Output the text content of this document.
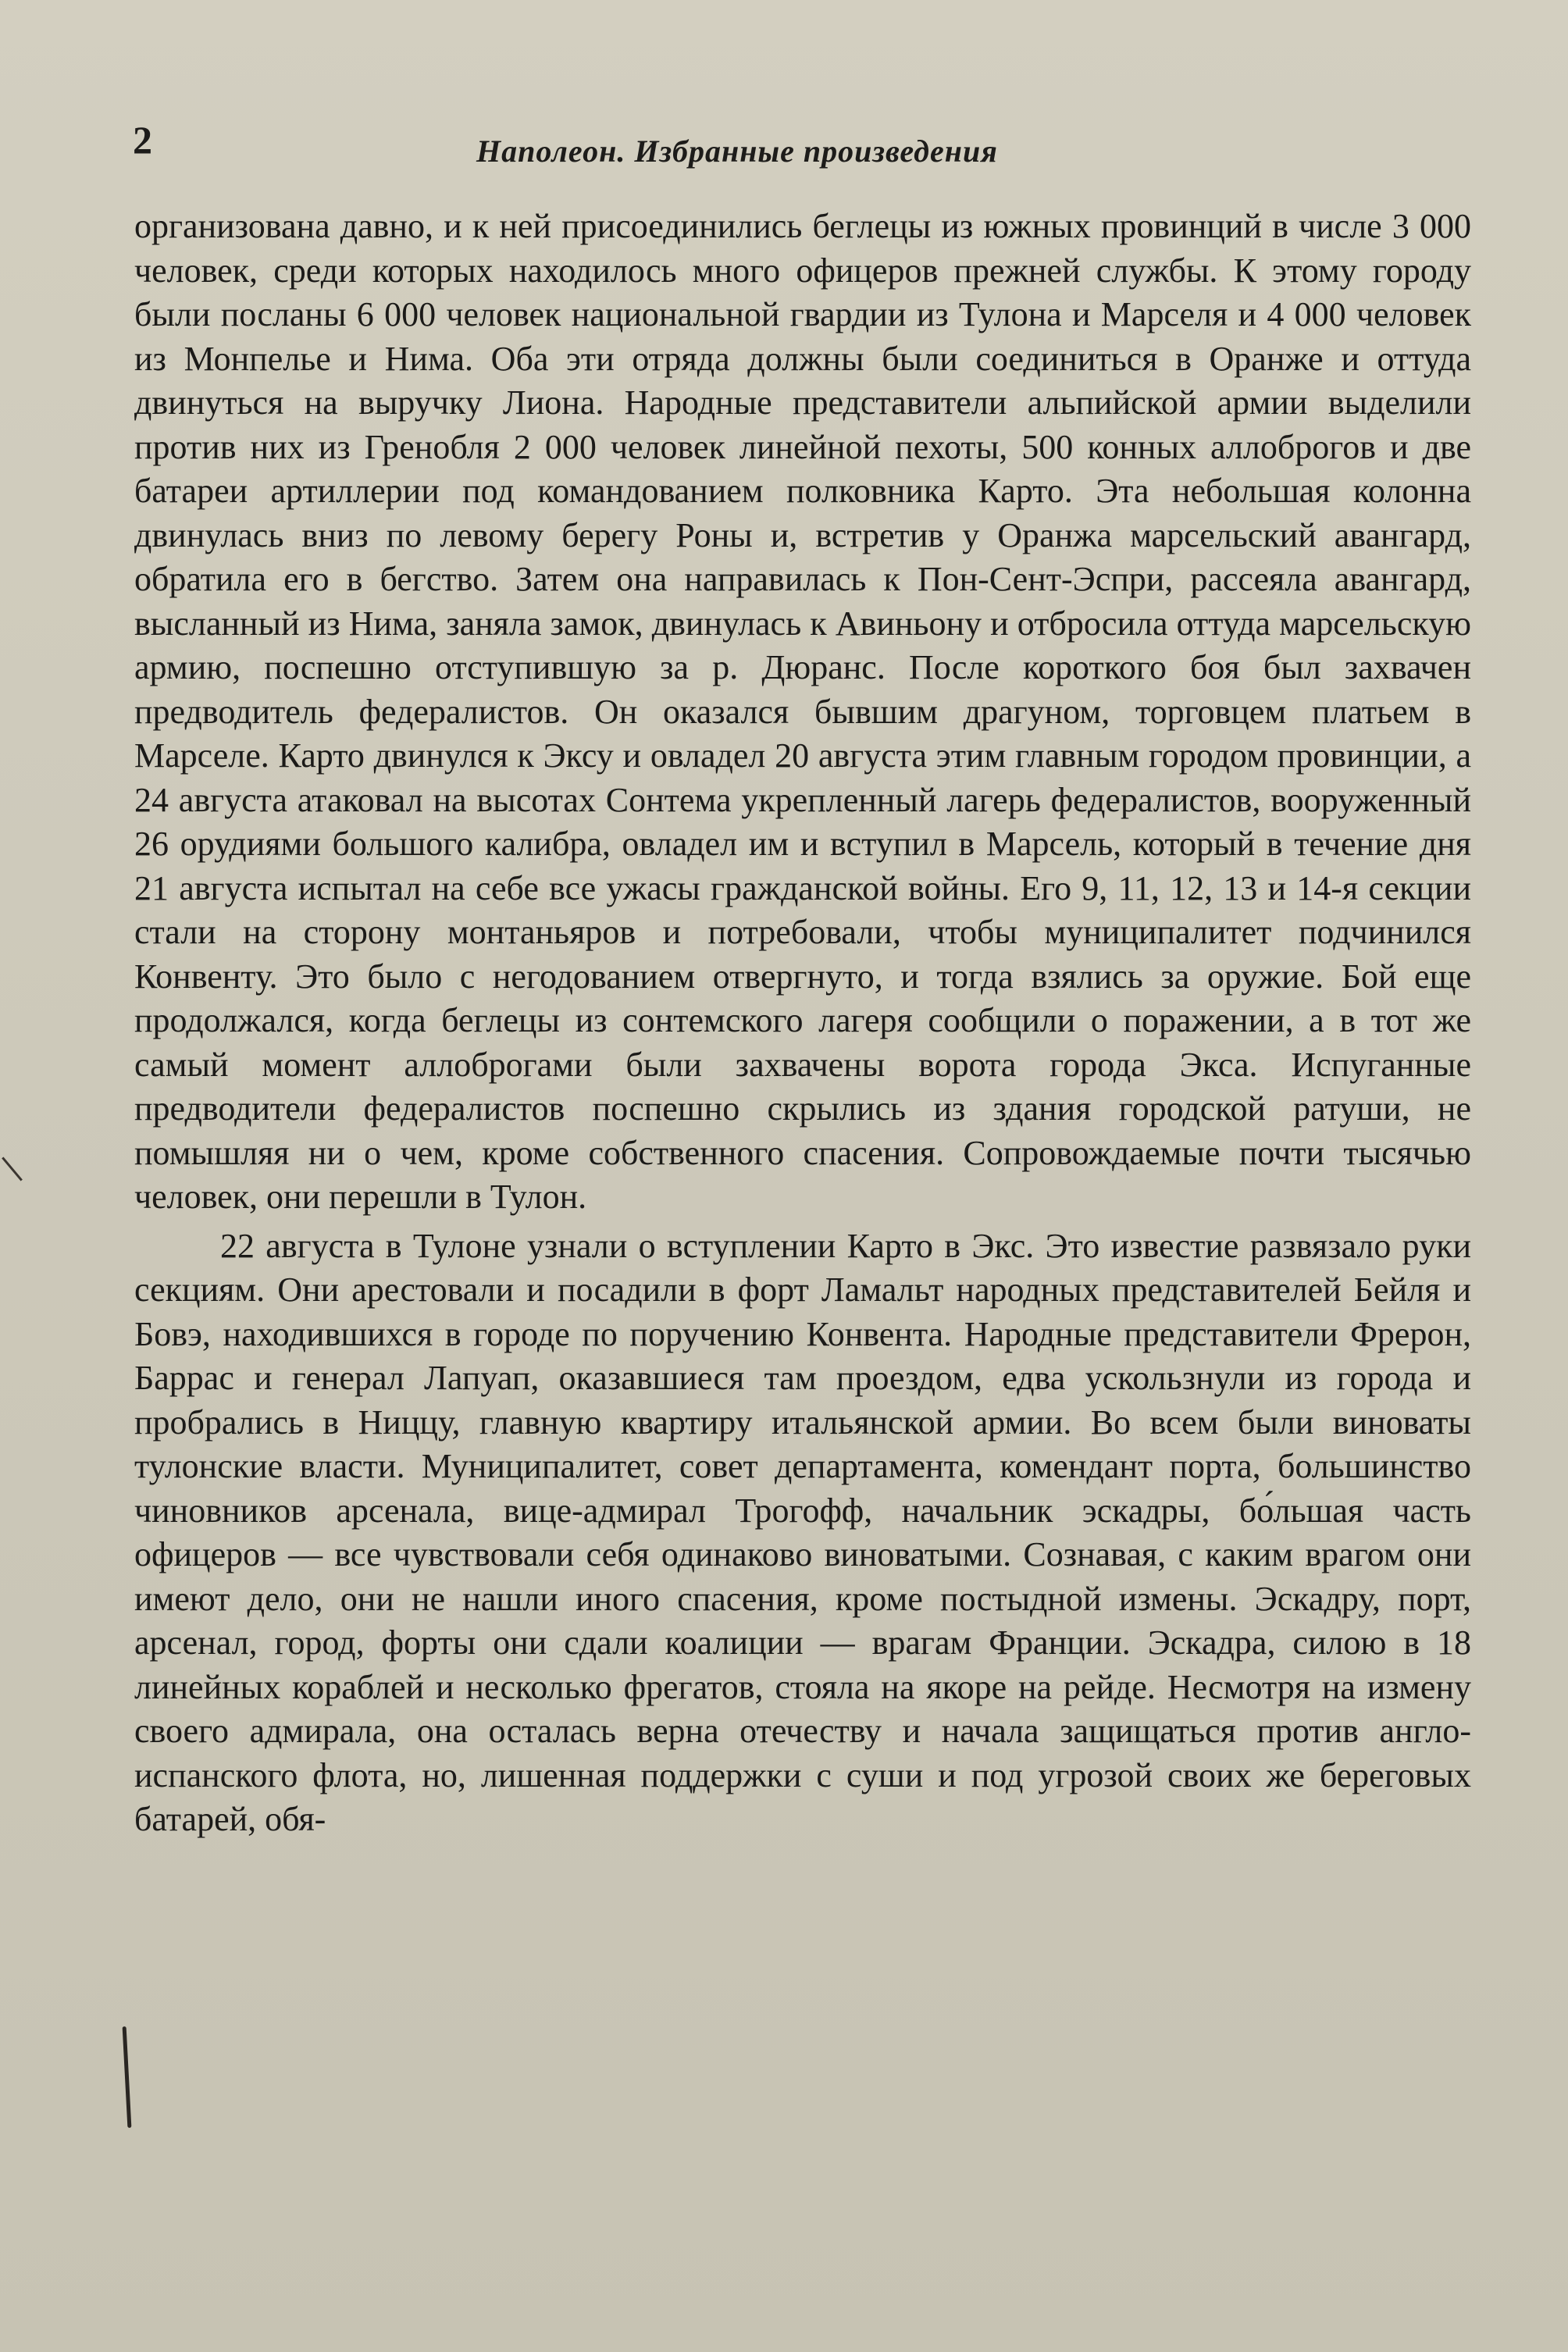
2	Наполеон. Избранные произведения

организована давно, и к ней присоединились беглецы из южных провинций в числе 3 000 человек, среди которых находилось много офицеров прежней службы. К этому городу были посланы 6 000 человек национальной гвардии из Тулона и Марселя и 4 000 человек из Монпелье и Нима. Оба эти отряда должны были соединиться в Оранже и оттуда двинуться на выручку Лиона. Народные представители альпийской армии выделили против них из Гренобля 2 000 человек линейной пехоты, 500 конных аллоброгов и две батареи артиллерии под командованием полковника Карто. Эта небольшая колонна двинулась вниз по левому берегу Роны и, встретив у Оранжа марсельский авангард, обратила его в бегство. Затем она направилась к Пон-Сент-Эспри, рассеяла авангард, высланный из Нима, заняла замок, двинулась к Авиньону и отбросила оттуда марсельскую армию, поспешно отступившую за р. Дюранс. После короткого боя был захвачен предводитель федералистов. Он оказался бывшим драгуном, торговцем платьем в Марселе. Карто двинулся к Эксу и овладел 20 августа этим главным городом провинции, а 24 августа атаковал на высотах Сонтема укрепленный лагерь федералистов, вооруженный 26 орудиями большого калибра, овладел им и вступил в Марсель, который в течение дня 21 августа испытал на себе все ужасы гражданской войны. Его 9, 11, 12, 13 и 14-я секции стали на сторону монтаньяров и потребовали, чтобы муниципалитет подчинился Конвенту. Это было с негодованием отвергнуто, и тогда взялись за оружие. Бой еще продолжался, когда беглецы из сонтемского лагеря сообщили о поражении, а в тот же самый момент аллоброгами были захвачены ворота города Экса. Испуганные предводители федералистов поспешно скрылись из здания городской ратуши, не помышляя ни о чем, кроме собственного спасения. Сопровождаемые почти тысячью человек, они перешли в Тулон.

22 августа в Тулоне узнали о вступлении Карто в Экс. Это известие развязало руки секциям. Они арестовали и посадили в форт Ламальт народных представителей Бейля и Бовэ, находившихся в городе по поручению Конвента. Народные представители Фрерон, Баррас и генерал Лапуап, оказавшиеся там проездом, едва ускользнули из города и пробрались в Ниццу, главную квартиру итальянской армии. Во всем были виноваты тулонские власти. Муниципалитет, совет департамента, комендант порта, большинство чиновников арсенала, вице-адмирал Трогофф, начальник эскадры, бо́льшая часть офицеров — все чувствовали себя одинаково виноватыми. Сознавая, с каким врагом они имеют дело, они не нашли иного спасения, кроме постыдной измены. Эскадру, порт, арсенал, город, форты они сдали коалиции — врагам Франции. Эскадра, силою в 18 линейных кораблей и несколько фрегатов, стояла на якоре на рейде. Несмотря на измену своего адмирала, она осталась верна отечеству и начала защищаться против англо-испанского флота, но, лишенная поддержки с суши и под угрозой своих же береговых батарей, обя-
